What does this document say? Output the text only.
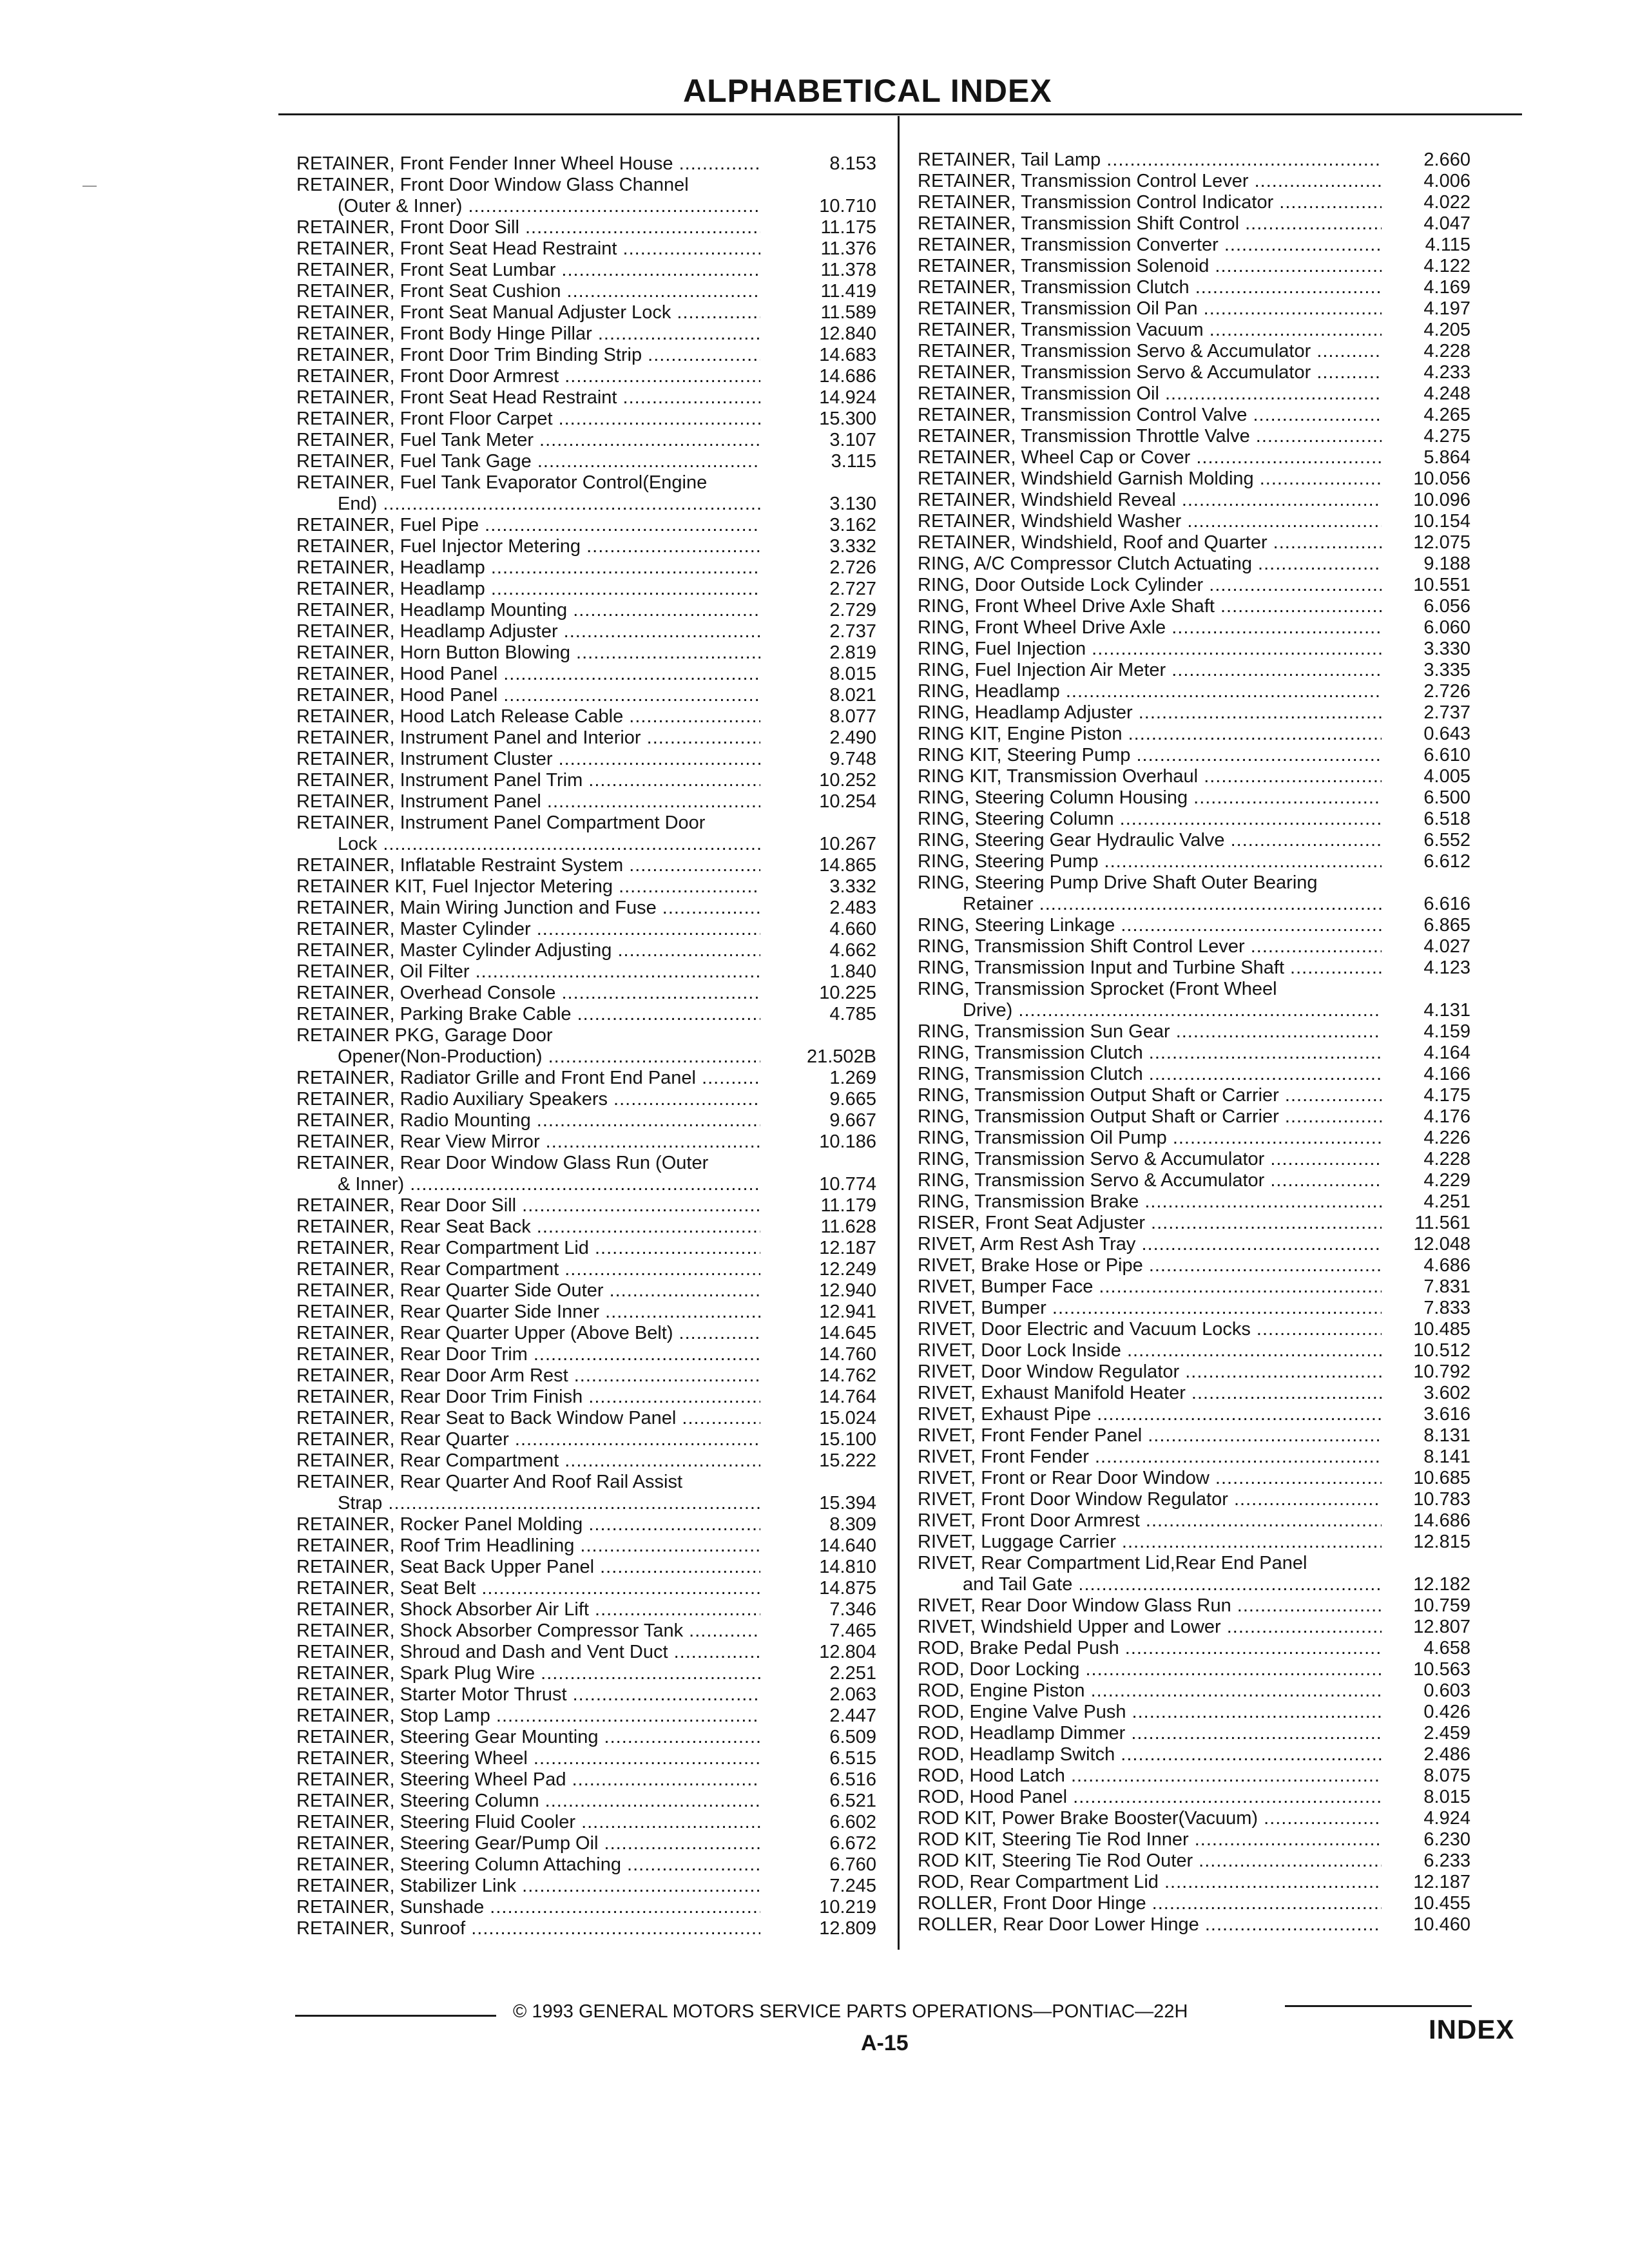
ALPHABETICAL INDEX
RETAINER, Front Fender Inner Wheel House .....	8.153
RETAINER, Front Door Window Glass Channel
(Outer & Inner) .....	10.710
RETAINER, Front Door Sill .....	11.175
RETAINER, Front Seat Head Restraint .....	11.376
RETAINER, Front Seat Lumbar .....	11.378
RETAINER, Front Seat Cushion .....	11.419
RETAINER, Front Seat Manual Adjuster Lock .....	11.589
RETAINER, Front Body Hinge Pillar .....	12.840
RETAINER, Front Door Trim Binding Strip .....	14.683
RETAINER, Front Door Armrest .....	14.686
RETAINER, Front Seat Head Restraint .....	14.924
RETAINER, Front Floor Carpet .....	15.300
RETAINER, Fuel Tank Meter .....	3.107
RETAINER, Fuel Tank Gage .....	3.115
RETAINER, Fuel Tank Evaporator Control(Engine
End) .....	3.130
RETAINER, Fuel Pipe .....	3.162
RETAINER, Fuel Injector Metering .....	3.332
RETAINER, Headlamp .....	2.726
RETAINER, Headlamp .....	2.727
RETAINER, Headlamp Mounting .....	2.729
RETAINER, Headlamp Adjuster .....	2.737
RETAINER, Horn Button Blowing .....	2.819
RETAINER, Hood Panel .....	8.015
RETAINER, Hood Panel .....	8.021
RETAINER, Hood Latch Release Cable .....	8.077
RETAINER, Instrument Panel and Interior .....	2.490
RETAINER, Instrument Cluster .....	9.748
RETAINER, Instrument Panel Trim .....	10.252
RETAINER, Instrument Panel .....	10.254
RETAINER, Instrument Panel Compartment Door
Lock .....	10.267
RETAINER, Inflatable Restraint System .....	14.865
RETAINER KIT, Fuel Injector Metering .....	3.332
RETAINER, Main Wiring Junction and Fuse .....	2.483
RETAINER, Master Cylinder .....	4.660
RETAINER, Master Cylinder Adjusting .....	4.662
RETAINER, Oil Filter .....	1.840
RETAINER, Overhead Console .....	10.225
RETAINER, Parking Brake Cable .....	4.785
RETAINER PKG, Garage Door
Opener(Non-Production) .....	21.502B
RETAINER, Radiator Grille and Front End Panel .....	1.269
RETAINER, Radio Auxiliary Speakers .....	9.665
RETAINER, Radio Mounting .....	9.667
RETAINER, Rear View Mirror .....	10.186
RETAINER, Rear Door Window Glass Run (Outer
& Inner) .....	10.774
RETAINER, Rear Door Sill .....	11.179
RETAINER, Rear Seat Back .....	11.628
RETAINER, Rear Compartment Lid .....	12.187
RETAINER, Rear Compartment .....	12.249
RETAINER, Rear Quarter Side Outer .....	12.940
RETAINER, Rear Quarter Side Inner .....	12.941
RETAINER, Rear Quarter Upper (Above Belt) .....	14.645
RETAINER, Rear Door Trim .....	14.760
RETAINER, Rear Door Arm Rest .....	14.762
RETAINER, Rear Door Trim Finish .....	14.764
RETAINER, Rear Seat to Back Window Panel .....	15.024
RETAINER, Rear Quarter .....	15.100
RETAINER, Rear Compartment .....	15.222
RETAINER, Rear Quarter And Roof Rail Assist
Strap .....	15.394
RETAINER, Rocker Panel Molding .....	8.309
RETAINER, Roof Trim Headlining .....	14.640
RETAINER, Seat Back Upper Panel .....	14.810
RETAINER, Seat Belt .....	14.875
RETAINER, Shock Absorber Air Lift .....	7.346
RETAINER, Shock Absorber Compressor Tank .....	7.465
RETAINER, Shroud and Dash and Vent Duct .....	12.804
RETAINER, Spark Plug Wire .....	2.251
RETAINER, Starter Motor Thrust .....	2.063
RETAINER, Stop Lamp .....	2.447
RETAINER, Steering Gear Mounting .....	6.509
RETAINER, Steering Wheel .....	6.515
RETAINER, Steering Wheel Pad .....	6.516
RETAINER, Steering Column .....	6.521
RETAINER, Steering Fluid Cooler .....	6.602
RETAINER, Steering Gear/Pump Oil .....	6.672
RETAINER, Steering Column Attaching .....	6.760
RETAINER, Stabilizer Link .....	7.245
RETAINER, Sunshade .....	10.219
RETAINER, Sunroof .....	12.809
RETAINER, Tail Lamp .....	2.660
RETAINER, Transmission Control Lever .....	4.006
RETAINER, Transmission Control Indicator .....	4.022
RETAINER, Transmission Shift Control .....	4.047
RETAINER, Transmission Converter .....	4.115
RETAINER, Transmission Solenoid .....	4.122
RETAINER, Transmission Clutch .....	4.169
RETAINER, Transmission Oil Pan .....	4.197
RETAINER, Transmission Vacuum .....	4.205
RETAINER, Transmission Servo & Accumulator .....	4.228
RETAINER, Transmission Servo & Accumulator .....	4.233
RETAINER, Transmission Oil .....	4.248
RETAINER, Transmission Control Valve .....	4.265
RETAINER, Transmission Throttle Valve .....	4.275
RETAINER, Wheel Cap or Cover .....	5.864
RETAINER, Windshield Garnish Molding .....	10.056
RETAINER, Windshield Reveal .....	10.096
RETAINER, Windshield Washer .....	10.154
RETAINER, Windshield, Roof and Quarter .....	12.075
RING, A/C Compressor Clutch Actuating .....	9.188
RING, Door Outside Lock Cylinder .....	10.551
RING, Front Wheel Drive Axle Shaft .....	6.056
RING, Front Wheel Drive Axle .....	6.060
RING, Fuel Injection .....	3.330
RING, Fuel Injection Air Meter .....	3.335
RING, Headlamp .....	2.726
RING, Headlamp Adjuster .....	2.737
RING KIT, Engine Piston .....	0.643
RING KIT, Steering Pump .....	6.610
RING KIT, Transmission Overhaul .....	4.005
RING, Steering Column Housing .....	6.500
RING, Steering Column .....	6.518
RING, Steering Gear Hydraulic Valve .....	6.552
RING, Steering Pump .....	6.612
RING, Steering Pump Drive Shaft Outer Bearing
Retainer .....	6.616
RING, Steering Linkage .....	6.865
RING, Transmission Shift Control Lever .....	4.027
RING, Transmission Input and Turbine Shaft .....	4.123
RING, Transmission Sprocket (Front Wheel
Drive) .....	4.131
RING, Transmission Sun Gear .....	4.159
RING, Transmission Clutch .....	4.164
RING, Transmission Clutch .....	4.166
RING, Transmission Output Shaft or Carrier .....	4.175
RING, Transmission Output Shaft or Carrier .....	4.176
RING, Transmission Oil Pump .....	4.226
RING, Transmission Servo & Accumulator .....	4.228
RING, Transmission Servo & Accumulator .....	4.229
RING, Transmission Brake .....	4.251
RISER, Front Seat Adjuster .....	11.561
RIVET, Arm Rest Ash Tray .....	12.048
RIVET, Brake Hose or Pipe .....	4.686
RIVET, Bumper Face .....	7.831
RIVET, Bumper .....	7.833
RIVET, Door Electric and Vacuum Locks .....	10.485
RIVET, Door Lock Inside .....	10.512
RIVET, Door Window Regulator .....	10.792
RIVET, Exhaust Manifold Heater .....	3.602
RIVET, Exhaust Pipe .....	3.616
RIVET, Front Fender Panel .....	8.131
RIVET, Front Fender .....	8.141
RIVET, Front or Rear Door Window .....	10.685
RIVET, Front Door Window Regulator .....	10.783
RIVET, Front Door Armrest .....	14.686
RIVET, Luggage Carrier .....	12.815
RIVET, Rear Compartment Lid,Rear End Panel
and Tail Gate .....	12.182
RIVET, Rear Door Window Glass Run .....	10.759
RIVET, Windshield Upper and Lower .....	12.807
ROD, Brake Pedal Push .....	4.658
ROD, Door Locking .....	10.563
ROD, Engine Piston .....	0.603
ROD, Engine Valve Push .....	0.426
ROD, Headlamp Dimmer .....	2.459
ROD, Headlamp Switch .....	2.486
ROD, Hood Latch .....	8.075
ROD, Hood Panel .....	8.015
ROD KIT, Power Brake Booster(Vacuum) .....	4.924
ROD KIT, Steering Tie Rod Inner .....	6.230
ROD KIT, Steering Tie Rod Outer .....	6.233
ROD, Rear Compartment Lid .....	12.187
ROLLER, Front Door Hinge .....	10.455
ROLLER, Rear Door Lower Hinge .....	10.460
© 1993 GENERAL MOTORS SERVICE PARTS OPERATIONS—PONTIAC—22H
A-15	INDEX
